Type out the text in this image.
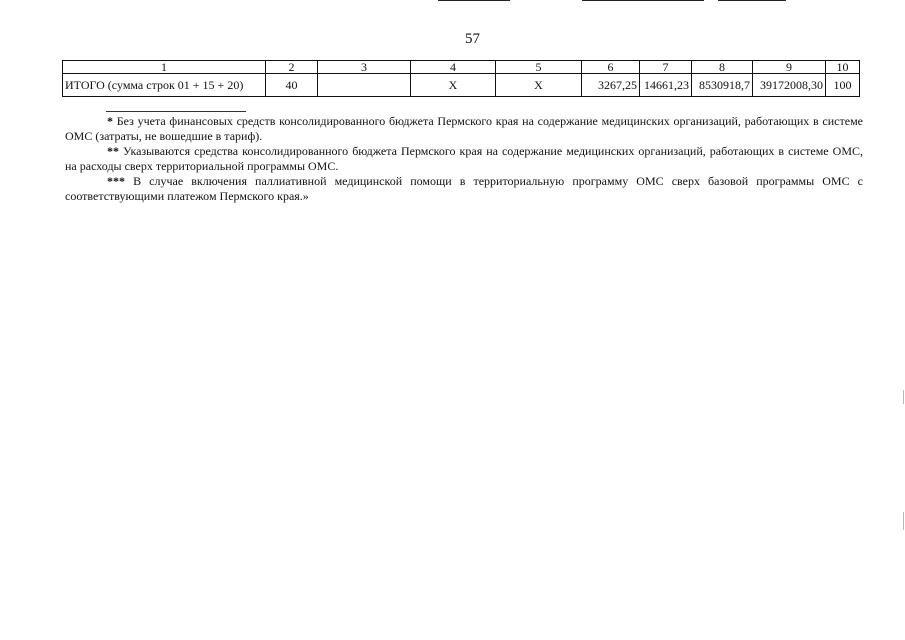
57
1	2	3	4	5	6	7	8	9	10
ИТОГО (сумма строк 01 + 15 + 20)	40		Х	Х	3267,25	14661,23	8530918,7	39172008,30	100

* Без учета финансовых средств консолидированного бюджета Пермского края на содержание медицинских организаций, работающих в системе ОМС (затраты, не вошедшие в тариф).

** Указываются средства консолидированного бюджета Пермского края на содержание медицинских организаций, работающих в системе ОМС, на расходы сверх территориальной программы ОМС.

*** В случае включения паллиативной медицинской помощи в территориальную программу ОМС сверх базовой программы ОМС с соответствующими платежом Пермского края.»
